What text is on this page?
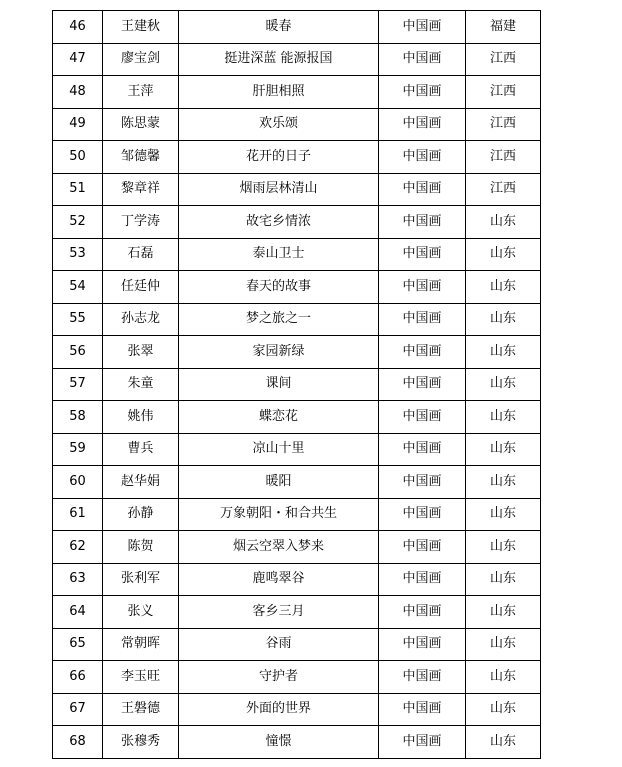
46	王建秋	暖春	中国画	福建
47	廖宝剑	挺进深蓝 能源报国	中国画	江西
48	王萍	肝胆相照	中国画	江西
49	陈思蒙	欢乐颂	中国画	江西
50	邹德馨	花开的日子	中国画	江西
51	黎章祥	烟雨层林清山	中国画	江西
52	丁学涛	故宅乡情浓	中国画	山东
53	石磊	泰山卫士	中国画	山东
54	任廷仲	春天的故事	中国画	山东
55	孙志龙	梦之旅之一	中国画	山东
56	张翠	家园新绿	中国画	山东
57	朱童	课间	中国画	山东
58	姚伟	蝶恋花	中国画	山东
59	曹兵	凉山十里	中国画	山东
60	赵华娟	暖阳	中国画	山东
61	孙静	万象朝阳・和合共生	中国画	山东
62	陈贺	烟云空翠入梦来	中国画	山东
63	张利军	鹿鸣翠谷	中国画	山东
64	张义	客乡三月	中国画	山东
65	常朝晖	谷雨	中国画	山东
66	李玉旺	守护者	中国画	山东
67	王磐德	外面的世界	中国画	山东
68	张穆秀	憧憬	中国画	山东
